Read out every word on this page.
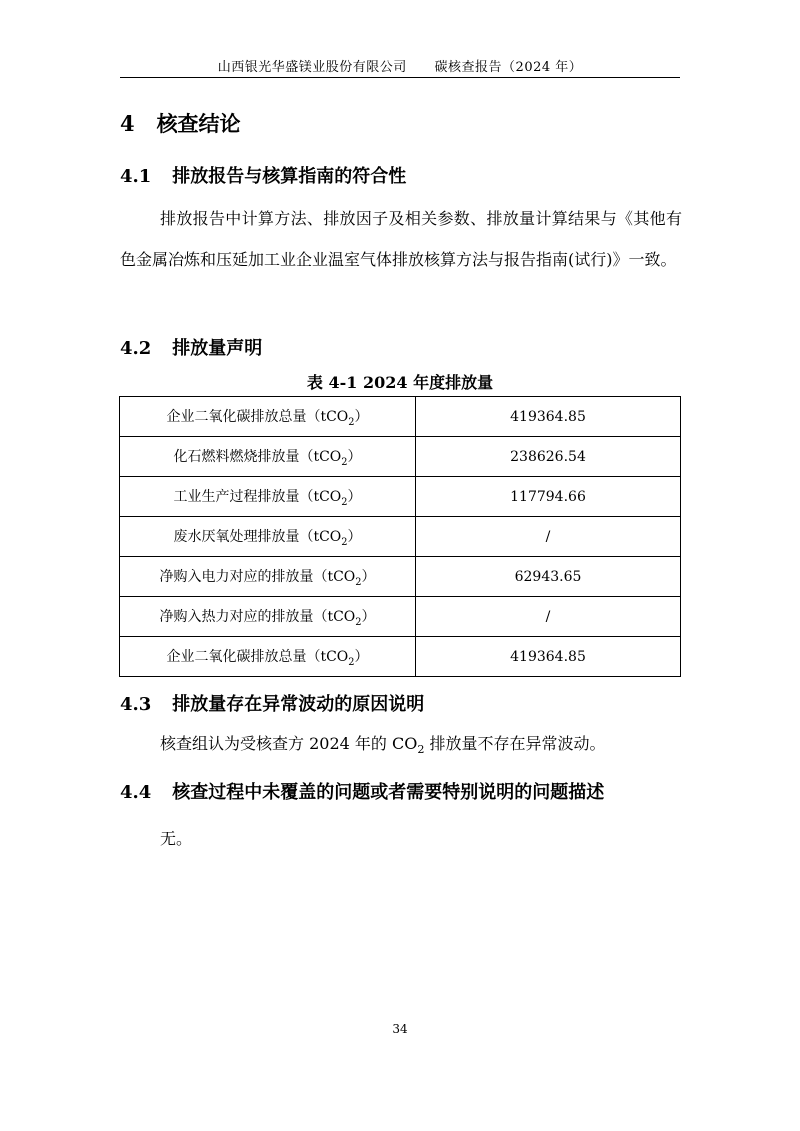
山西银光华盛镁业股份有限公司 碳核查报告（2024 年）
4 核查结论
4.1 排放报告与核算指南的符合性
排放报告中计算方法、排放因子及相关参数、排放量计算结果与《其他有色金属冶炼和压延加工业企业温室气体排放核算方法与报告指南(试行)》一致。
4.2 排放量声明
表 4-1 2024 年度排放量
企业二氧化碳排放总量（tCO$_2$）	419364.85
化石燃料燃烧排放量（tCO$_2$）	238626.54
工业生产过程排放量（tCO$_2$）	117794.66
废水厌氧处理排放量（tCO$_2$）	/
净购入电力对应的排放量（tCO$_2$）	62943.65
净购入热力对应的排放量（tCO$_2$）	/
企业二氧化碳排放总量（tCO$_2$）	419364.85
4.3 排放量存在异常波动的原因说明
核查组认为受核查方 2024 年的 $CO_2$ 排放量不存在异常波动。
4.4 核查过程中未覆盖的问题或者需要特别说明的问题描述
无。
34
